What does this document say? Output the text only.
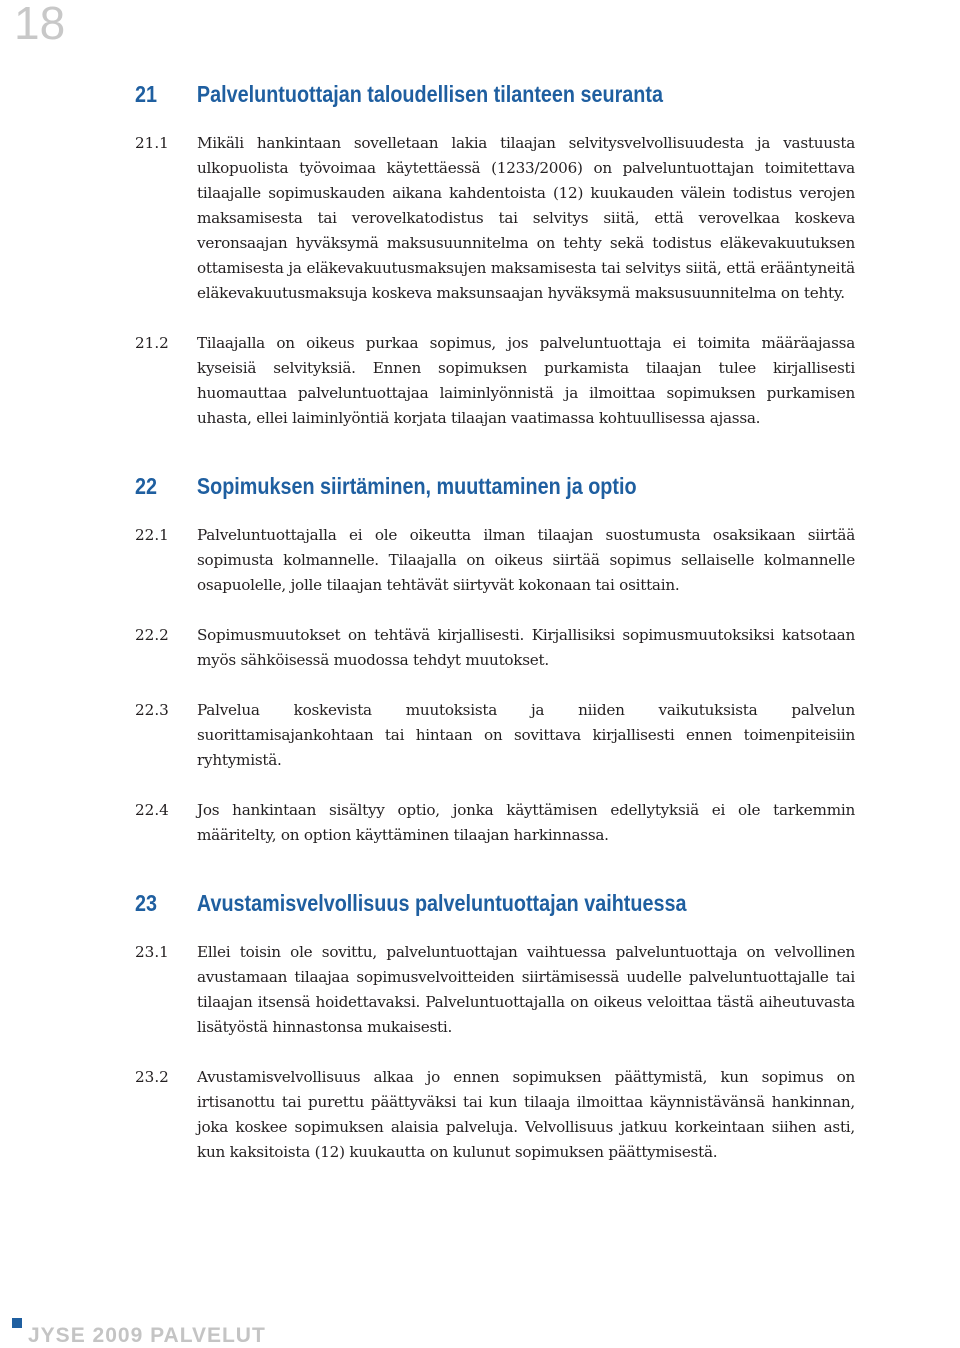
18
21	Palveluntuottajan taloudellisen tilanteen seuranta
21.1	Mikäli hankintaan sovelletaan lakia tilaajan selvitysvelvollisuudesta ja vastuusta ulkopuolista työvoimaa käytettäessä (1233/2006) on palveluntuottajan toimitettava tilaajalle sopimuskauden aikana kahdentoista (12) kuukauden välein todistus verojen maksamisesta tai verovelkatodistus tai selvitys siitä, että verovelkaa koskeva veronsaajan hyväksymä maksusuunnitelma on tehty sekä todistus eläkevakuutuksen ottamisesta ja eläkevakuutusmaksujen maksamisesta tai selvitys siitä, että erääntyneitä eläkevakuutusmaksuja koskeva maksunsaajan hyväksymä maksusuunnitelma on tehty.
21.2	Tilaajalla on oikeus purkaa sopimus, jos palveluntuottaja ei toimita määräajassa kyseisiä selvityksiä. Ennen sopimuksen purkamista tilaajan tulee kirjallisesti huomauttaa palveluntuottajaa laiminlyönnistä ja ilmoittaa sopimuksen purkamisen uhasta, ellei laiminlyöntiä korjata tilaajan vaatimassa kohtuullisessa ajassa.
22	Sopimuksen siirtäminen, muuttaminen ja optio
22.1	Palveluntuottajalla ei ole oikeutta ilman tilaajan suostumusta osaksikaan siirtää sopimusta kolmannelle. Tilaajalla on oikeus siirtää sopimus sellaiselle kolmannelle osapuolelle, jolle tilaajan tehtävät siirtyvät kokonaan tai osittain.
22.2	Sopimusmuutokset on tehtävä kirjallisesti. Kirjallisiksi sopimusmuutoksiksi katsotaan myös sähköisessä muodossa tehdyt muutokset.
22.3	Palvelua koskevista muutoksista ja niiden vaikutuksista palvelun suorittamisajankohtaan tai hintaan on sovittava kirjallisesti ennen toimenpiteisiin ryhtymistä.
22.4	Jos hankintaan sisältyy optio, jonka käyttämisen edellytyksiä ei ole tarkemmin määritelty, on option käyttäminen tilaajan harkinnassa.
23	Avustamisvelvollisuus palveluntuottajan vaihtuessa
23.1	Ellei toisin ole sovittu, palveluntuottajan vaihtuessa palveluntuottaja on velvollinen avustamaan tilaajaa sopimusvelvoitteiden siirtämisessä uudelle palveluntuottajalle tai tilaajan itsensä hoidettavaksi. Palveluntuottajalla on oikeus veloittaa tästä aiheutuvasta lisätyöstä hinnastonsa mukaisesti.
23.2	Avustamisvelvollisuus alkaa jo ennen sopimuksen päättymistä, kun sopimus on irtisanottu tai purettu päättyväksi tai kun tilaaja ilmoittaa käynnistävänsä hankinnan, joka koskee sopimuksen alaisia palveluja. Velvollisuus jatkuu korkeintaan siihen asti, kun kaksitoista (12) kuukautta on kulunut sopimuksen päättymisestä.
JYSE 2009 PALVELUT
